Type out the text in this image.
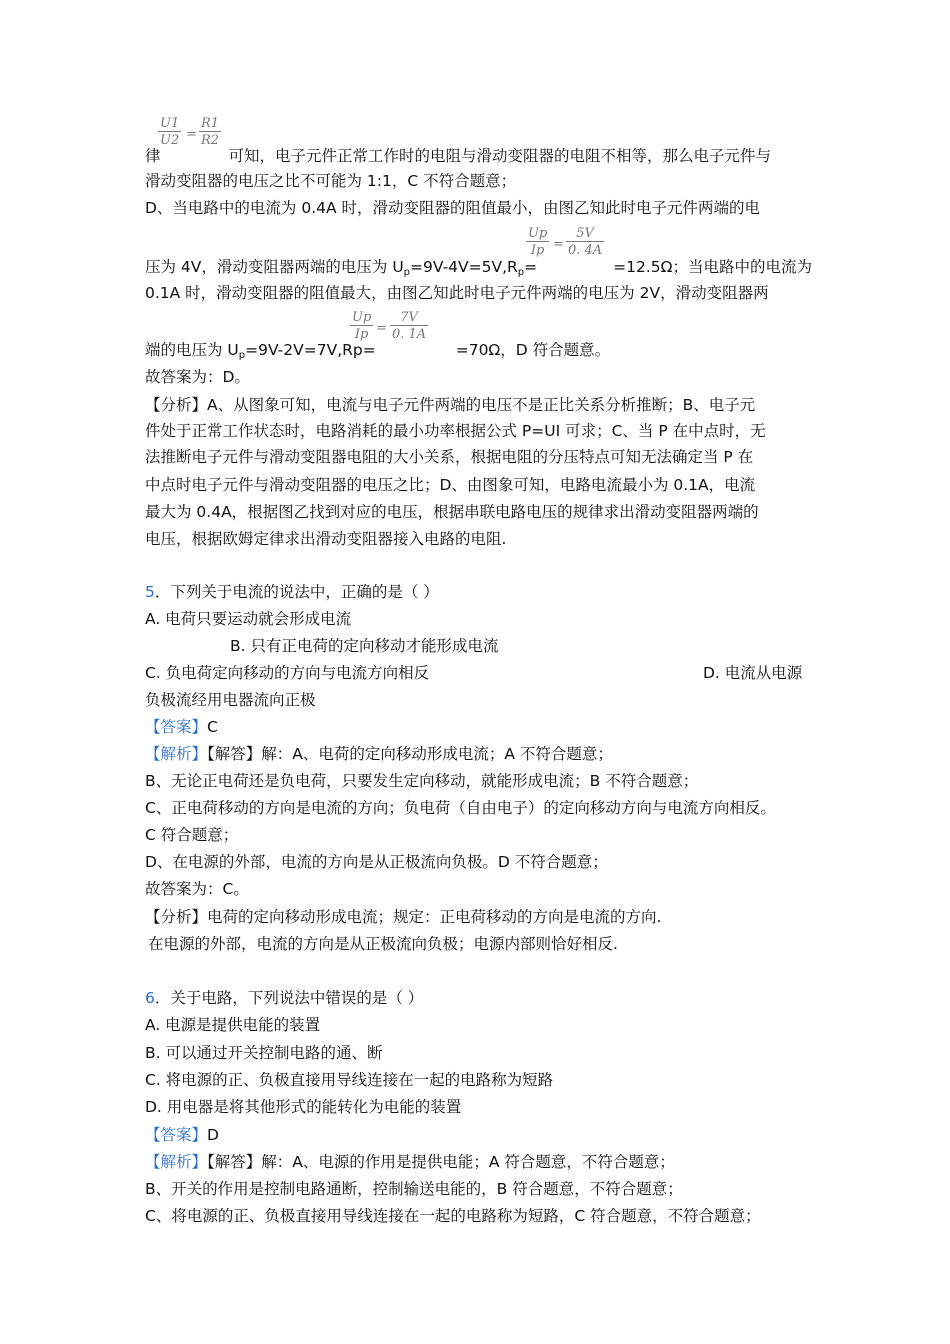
$\frac{U1}{U2} = \frac{R1}{R2}$
律	可知，电子元件正常工作时的电阻与滑动变阻器的电阻不相等，那么电子元件与
滑动变阻器的电压之比不可能为 1:1，C 不符合题意；
D、当电路中的电流为 0.4A 时，滑动变阻器的阻值最小，由图乙知此时电子元件两端的电
$\frac{Up}{Ip} = \frac{5V}{0. 4A}$
压为 4V，滑动变阻器两端的电压为 $U_p=9V-4V=5V,R_p=$	=12.5Ω；当电路中的电流为
0.1A 时，滑动变阻器的阻值最大，由图乙知此时电子元件两端的电压为 2V，滑动变阻器两
$\frac{Up}{Ip} = \frac{7V}{0. 1A}$
端的电压为 $U_p=9V-2V=7V,Rp=$	=70Ω，D 符合题意。
故答案为：D。
【分析】A、从图象可知，电流与电子元件两端的电压不是正比关系分析推断；B、电子元
件处于正常工作状态时，电路消耗的最小功率根据公式 P=UI 可求；C、当 P 在中点时，无
法推断电子元件与滑动变阻器电阻的大小关系，根据电阻的分压特点可知无法确定当 P 在
中点时电子元件与滑动变阻器的电压之比；D、由图象可知，电路电流最小为 0.1A，电流
最大为 0.4A，根据图乙找到对应的电压，根据串联电路电压的规律求出滑动变阻器两端的
电压，根据欧姆定律求出滑动变阻器接入电路的电阻.
5．下列关于电流的说法中，正确的是（ ）
A. 电荷只要运动就会形成电流
B. 只有正电荷的定向移动才能形成电流
C. 负电荷定向移动的方向与电流方向相反	D. 电流从电源
负极流经用电器流向正极
【答案】C
【解析】【解答】解：A、电荷的定向移动形成电流；A 不符合题意；
B、无论正电荷还是负电荷，只要发生定向移动，就能形成电流；B 不符合题意；
C、正电荷移动的方向是电流的方向；负电荷（自由电子）的定向移动方向与电流方向相反。
C 符合题意；
D、在电源的外部，电流的方向是从正极流向负极。D 不符合题意；
故答案为：C。
【分析】电荷的定向移动形成电流；规定：正电荷移动的方向是电流的方向.
在电源的外部，电流的方向是从正极流向负极；电源内部则恰好相反.
6．关于电路，下列说法中错误的是（ ）
A. 电源是提供电能的装置
B. 可以通过开关控制电路的通、断
C. 将电源的正、负极直接用导线连接在一起的电路称为短路
D. 用电器是将其他形式的能转化为电能的装置
【答案】D
【解析】【解答】解：A、电源的作用是提供电能；A 符合题意，不符合题意；
B、开关的作用是控制电路通断，控制输送电能的，B 符合题意，不符合题意；
C、将电源的正、负极直接用导线连接在一起的电路称为短路，C 符合题意，不符合题意；
